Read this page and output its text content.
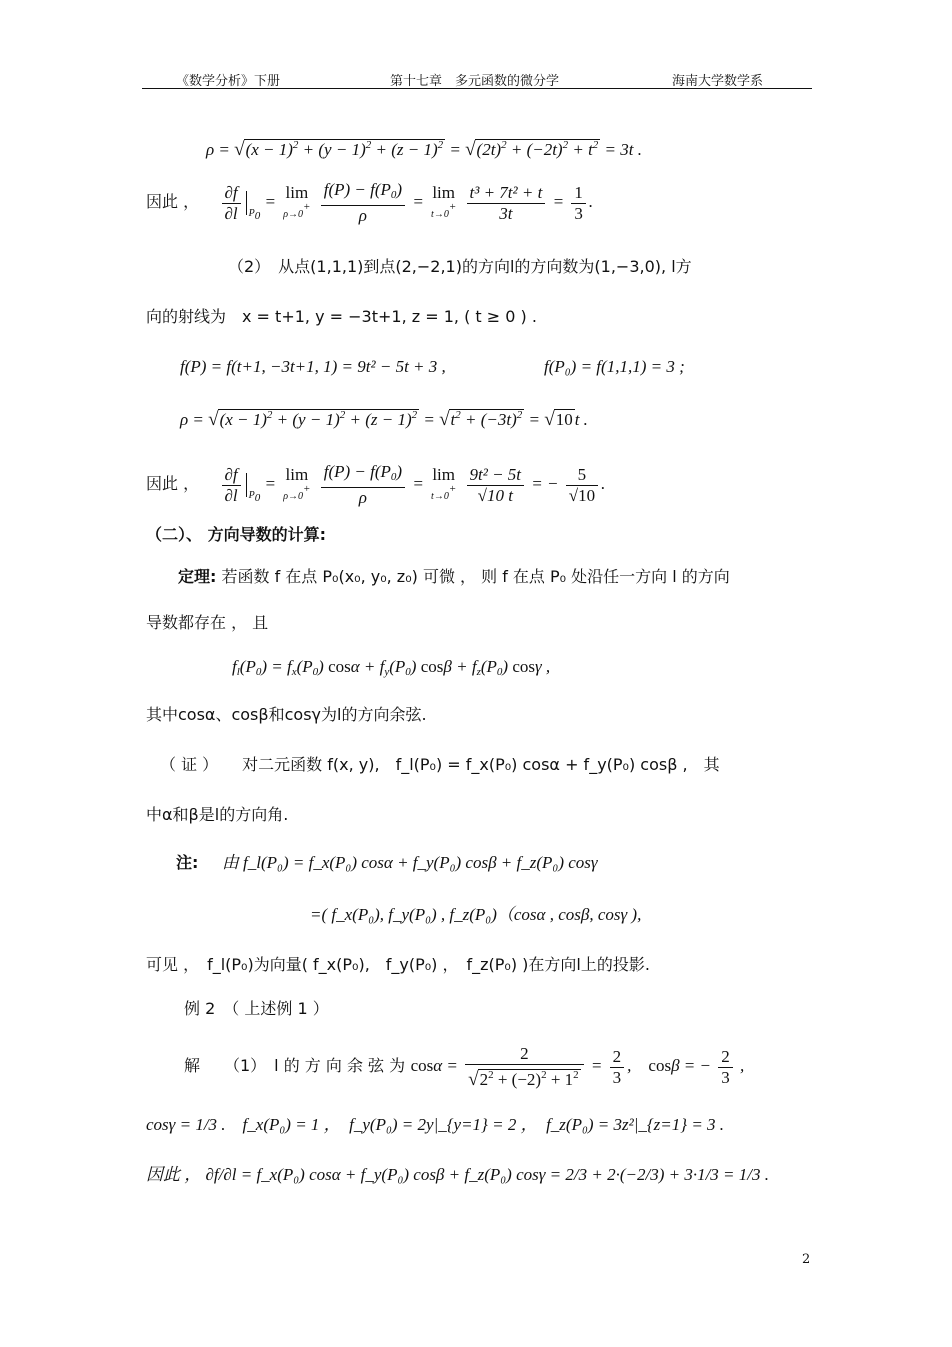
《数学分析》下册	第十七章　多元函数的微分学	海南大学数学系
$\rho = √(x - 1)^2 + (y - 1)^2 + (z - 1)^2 = √(2t)^2 + (-2t)^2 + t^2 = 3t$ .
因此 ， $\frac{\partial f}{\partial l} _{P_0} = \lim$
ρ→0+
$\frac{f(P) - f(P_0)}{\rho} = \lim$
t→0+
$\frac{\text{t³ + 7t² + t}}{3t} = \frac{1}{3}$ .
（2）　从点(1,1,1)到点(2,−2,1)的方向l的方向数为(1,−3,0), l方
向的射线为　x = t+1, y = −3t+1, z = 1, ( t ≥ 0 ) .
f(P) = f(t+1, −3t+1, 1) = 9t² − 5t + 3 ,	f(P₀) = f(1,1,1) = 3 ;
$\rho = √(x - 1)^2 + (y - 1)^2 + (z - 1)^2 = √t^2 + (-3t)^2 = √10$ t .
因此 ， $\frac{\partial f}{\partial l} _{P_0} = \lim$
ρ→0+
$\frac{f(P) - f(P_0)}{\rho} = \lim$
t→0+
$\frac{\text{9t² − 5t}}{√10 t}$ = − $\frac{5}{√10}$ .
（二）、 方向导数的计算:
定理: 若函数 f 在点 P₀(x₀, y₀, z₀) 可微 ， 则 f 在点 P₀ 处沿任一方向 l 的方向
导数都存在 ， 且
$f_l(P_0) = f_x(P_0) \cos\alpha + f_y(P_0) \cos\beta + f_z(P_0)$ cosγ ,
其中cosα、cosβ和cosγ为l的方向余弦.
（ 证 ）　　对二元函数 f(x, y),　f_l(P₀) = f_x(P₀) cosα + f_y(P₀) cosβ ,　其
中α和β是l的方向角.
注: 由 f_l(P₀) = f_x(P₀) cosα + f_y(P₀) cosβ + f_z(P₀) cosγ
=( f_x(P₀), f_y(P₀) , f_z(P₀)（cosα , cosβ, cosγ ),
可见 ，　f_l(P₀)为向量( f_x(P₀),　f_y(P₀) ，　f_z(P₀) )在方向l上的投影.
例 2　（ 上述例 1 ）
解　　（1）　l 的 方 向 余 弦 为 $\cos\alpha = \frac{2}{√2^2 + (-2)^2 + 1^2} = \frac{2}{3}$ ,　cosβ = − $\frac{2}{3}$ ,
cosγ = 1/3 .　f_x(P₀) = 1 ，　f_y(P₀) = 2y|_{y=1} = 2 ，　f_z(P₀) = 3z²|_{z=1} = 3 .
因此 ， ∂f/∂l = f_x(P₀) cosα + f_y(P₀) cosβ + f_z(P₀) cosγ = 2/3 + 2·(−2/3) + 3·1/3 = 1/3 .
2
